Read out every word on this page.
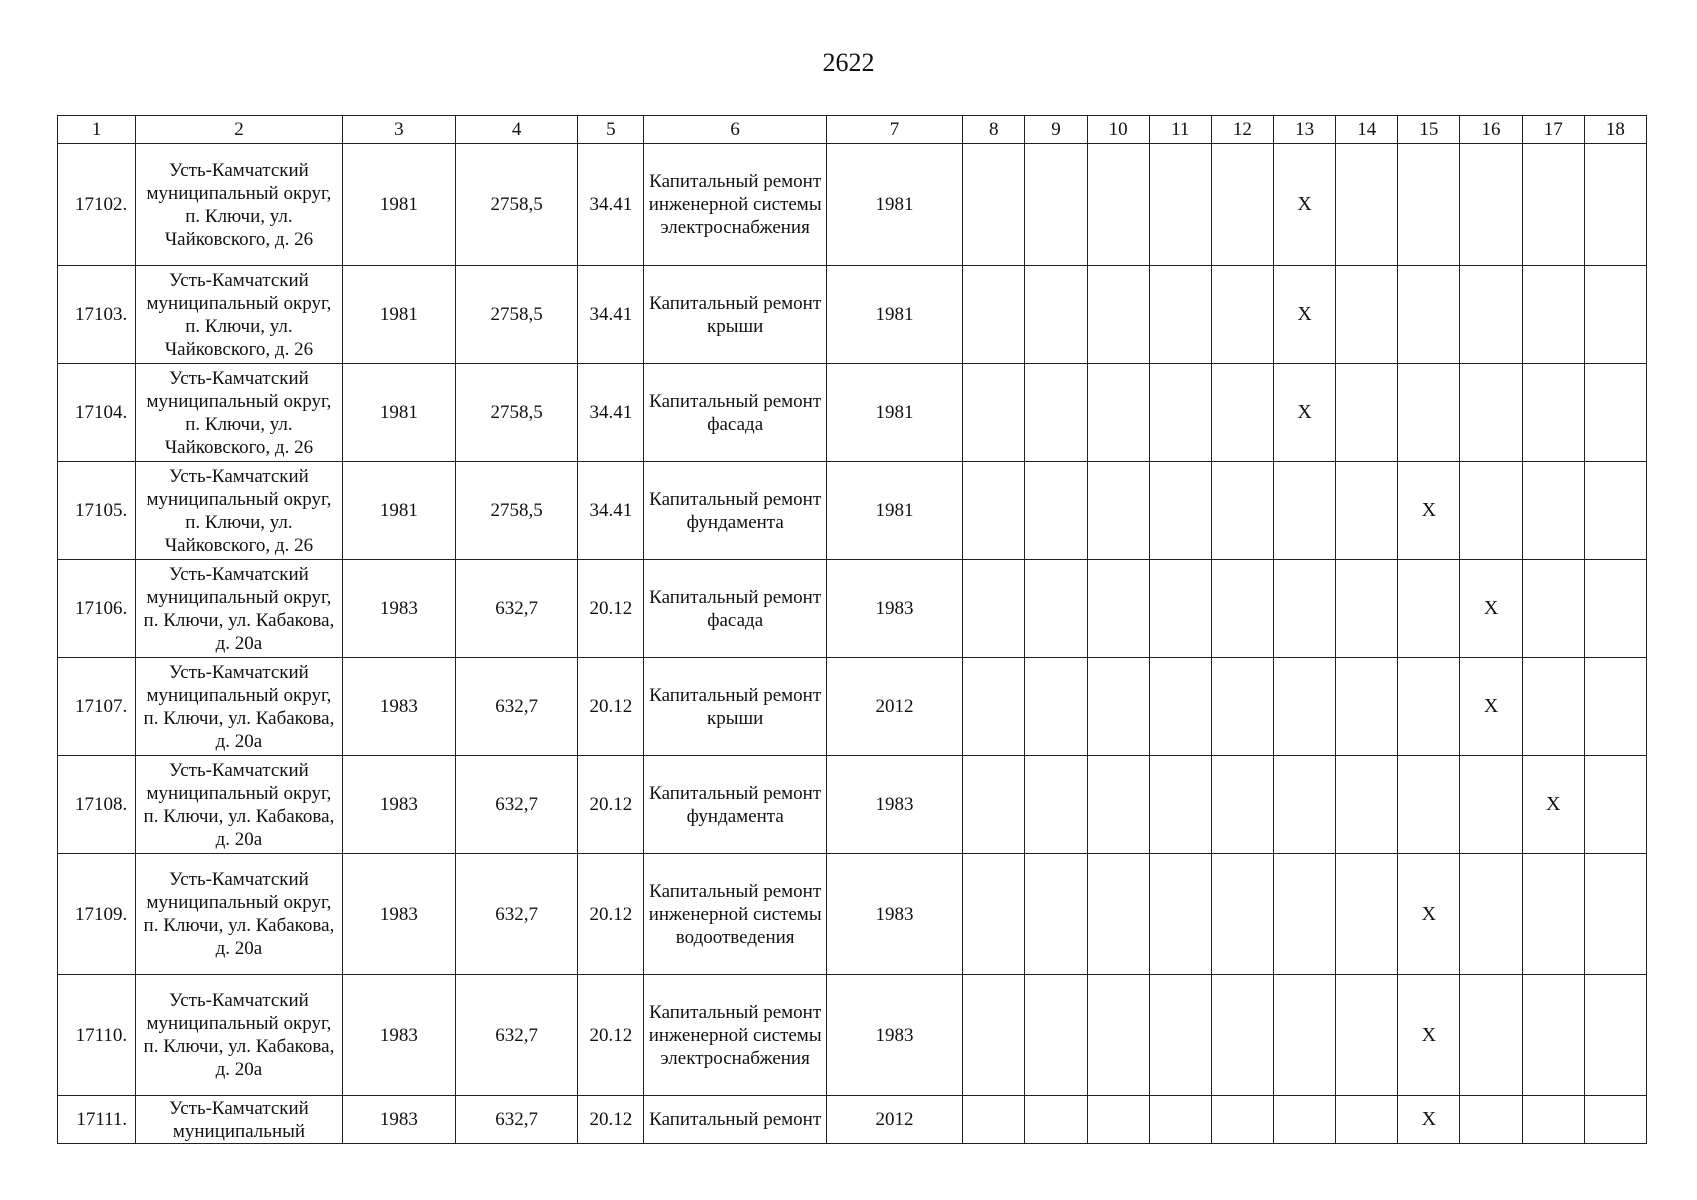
2622
1	2	3	4	5	6	7	8	9	10	11	12	13	14	15	16	17	18
17102.	Усть-Камчатский муниципальный округ, п. Ключи, ул. Чайковского, д. 26	1981	2758,5	34.41	Капитальный ремонт инженерной системы электроснабжения	1981						Х					
17103.	Усть-Камчатский муниципальный округ, п. Ключи, ул. Чайковского, д. 26	1981	2758,5	34.41	Капитальный ремонт крыши	1981						Х					
17104.	Усть-Камчатский муниципальный округ, п. Ключи, ул. Чайковского, д. 26	1981	2758,5	34.41	Капитальный ремонт фасада	1981						Х					
17105.	Усть-Камчатский муниципальный округ, п. Ключи, ул. Чайковского, д. 26	1981	2758,5	34.41	Капитальный ремонт фундамента	1981								Х			
17106.	Усть-Камчатский муниципальный округ, п. Ключи, ул. Кабакова, д. 20а	1983	632,7	20.12	Капитальный ремонт фасада	1983									Х		
17107.	Усть-Камчатский муниципальный округ, п. Ключи, ул. Кабакова, д. 20а	1983	632,7	20.12	Капитальный ремонт крыши	2012									Х		
17108.	Усть-Камчатский муниципальный округ, п. Ключи, ул. Кабакова, д. 20а	1983	632,7	20.12	Капитальный ремонт фундамента	1983										Х	
17109.	Усть-Камчатский муниципальный округ, п. Ключи, ул. Кабакова, д. 20а	1983	632,7	20.12	Капитальный ремонт инженерной системы водоотведения	1983								Х			
17110.	Усть-Камчатский муниципальный округ, п. Ключи, ул. Кабакова, д. 20а	1983	632,7	20.12	Капитальный ремонт инженерной системы электроснабжения	1983								Х			
17111.	Усть-Камчатский муниципальный	1983	632,7	20.12	Капитальный ремонт	2012								Х			
